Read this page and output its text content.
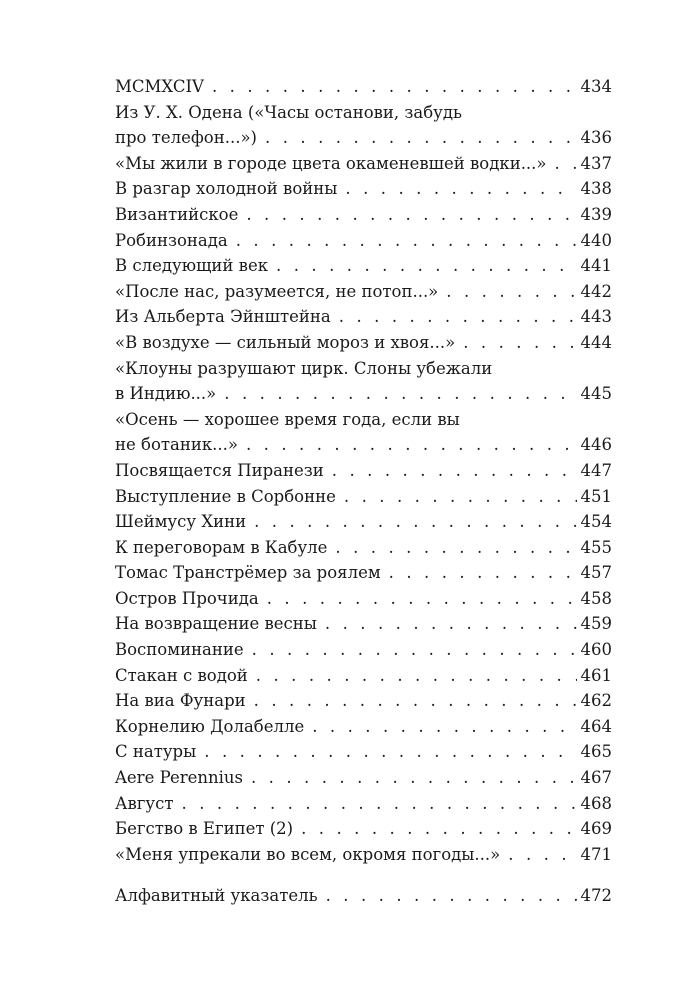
MCMXCIV . . .	434
Из У. Х. Одена («Часы останови, забудь
про телефон...») . . .	436
«Мы жили в городе цвета окаменевшей водки...» . . . 437
В разгар холодной войны . . .	438
Византийское . . .	439
Робинзонада . . .	440
В следующий век . . .	441
«После нас, разумеется, не потоп...» . . .	442
Из Альберта Эйнштейна . . .	443
«В воздухе — сильный мороз и хвоя...» . . .	444
«Клоуны разрушают цирк. Слоны убежали
в Индию...» . . .	445
«Осень — хорошее время года, если вы
не ботаник...» . . .	446
Посвящается Пиранези . . .	447
Выступление в Сорбонне . . .	451
Шеймусу Хини . . .	454
К переговорам в Кабуле . . .	455
Томас Транстрёмер за роялем . . .	457
Остров Прочида . . .	458
На возвращение весны . . .	459
Воспоминание . . .	460
Стакан с водой . . .	461
На виа Фунари . . .	462
Корнелию Долабелле . . .	464
С натуры . . .	465
Aere Perennius . . .	467
Август . . .	468
Бегство в Египет (2) . . .	469
«Меня упрекали во всем, окромя погоды...» . . .	471
Алфавитный указатель . . .	472
